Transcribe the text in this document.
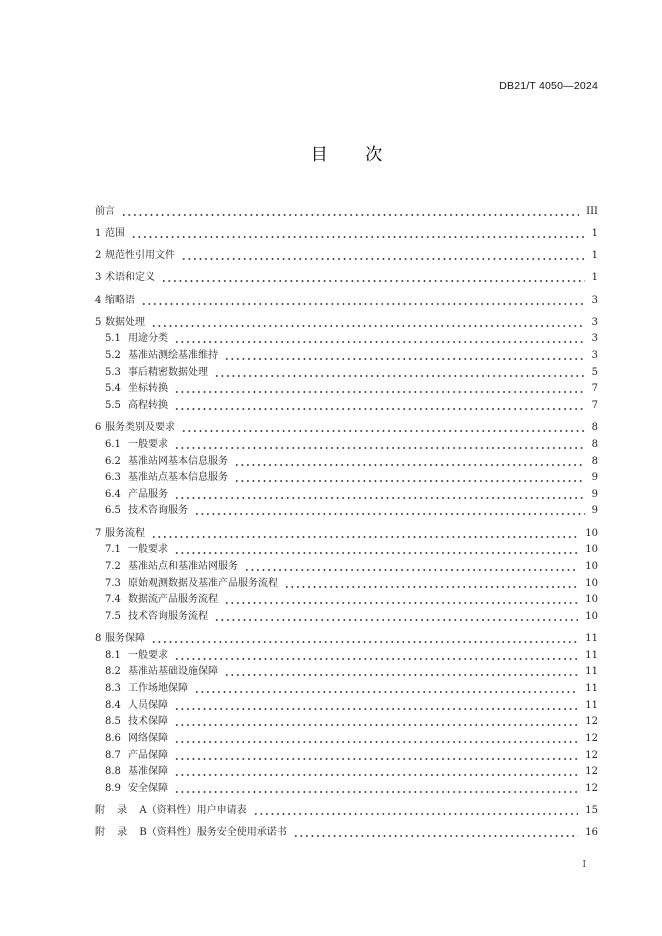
DB21/T 4050—2024
目 次
前言	III
1 范围	1
2 规范性引用文件	1
3 术语和定义	1
4 缩略语	3
5 数据处理	3
5.1 用途分类	3
5.2 基准站测绘基准维持	3
5.3 事后精密数据处理	5
5.4 坐标转换	7
5.5 高程转换	7
6 服务类别及要求	8
6.1 一般要求	8
6.2 基准站网基本信息服务	8
6.3 基准站点基本信息服务	9
6.4 产品服务	9
6.5 技术咨询服务	9
7 服务流程	10
7.1 一般要求	10
7.2 基准站点和基准站网服务	10
7.3 原始观测数据及基准产品服务流程	10
7.4 数据流产品服务流程	10
7.5 技术咨询服务流程	10
8 服务保障	11
8.1 一般要求	11
8.2 基准站基础设施保障	11
8.3 工作场地保障	11
8.4 人员保障	11
8.5 技术保障	12
8.6 网络保障	12
8.7 产品保障	12
8.8 基准保障	12
8.9 安全保障	12
附 录 A（资料性）用户申请表	15
附 录 B（资料性）服务安全使用承诺书	16
I
